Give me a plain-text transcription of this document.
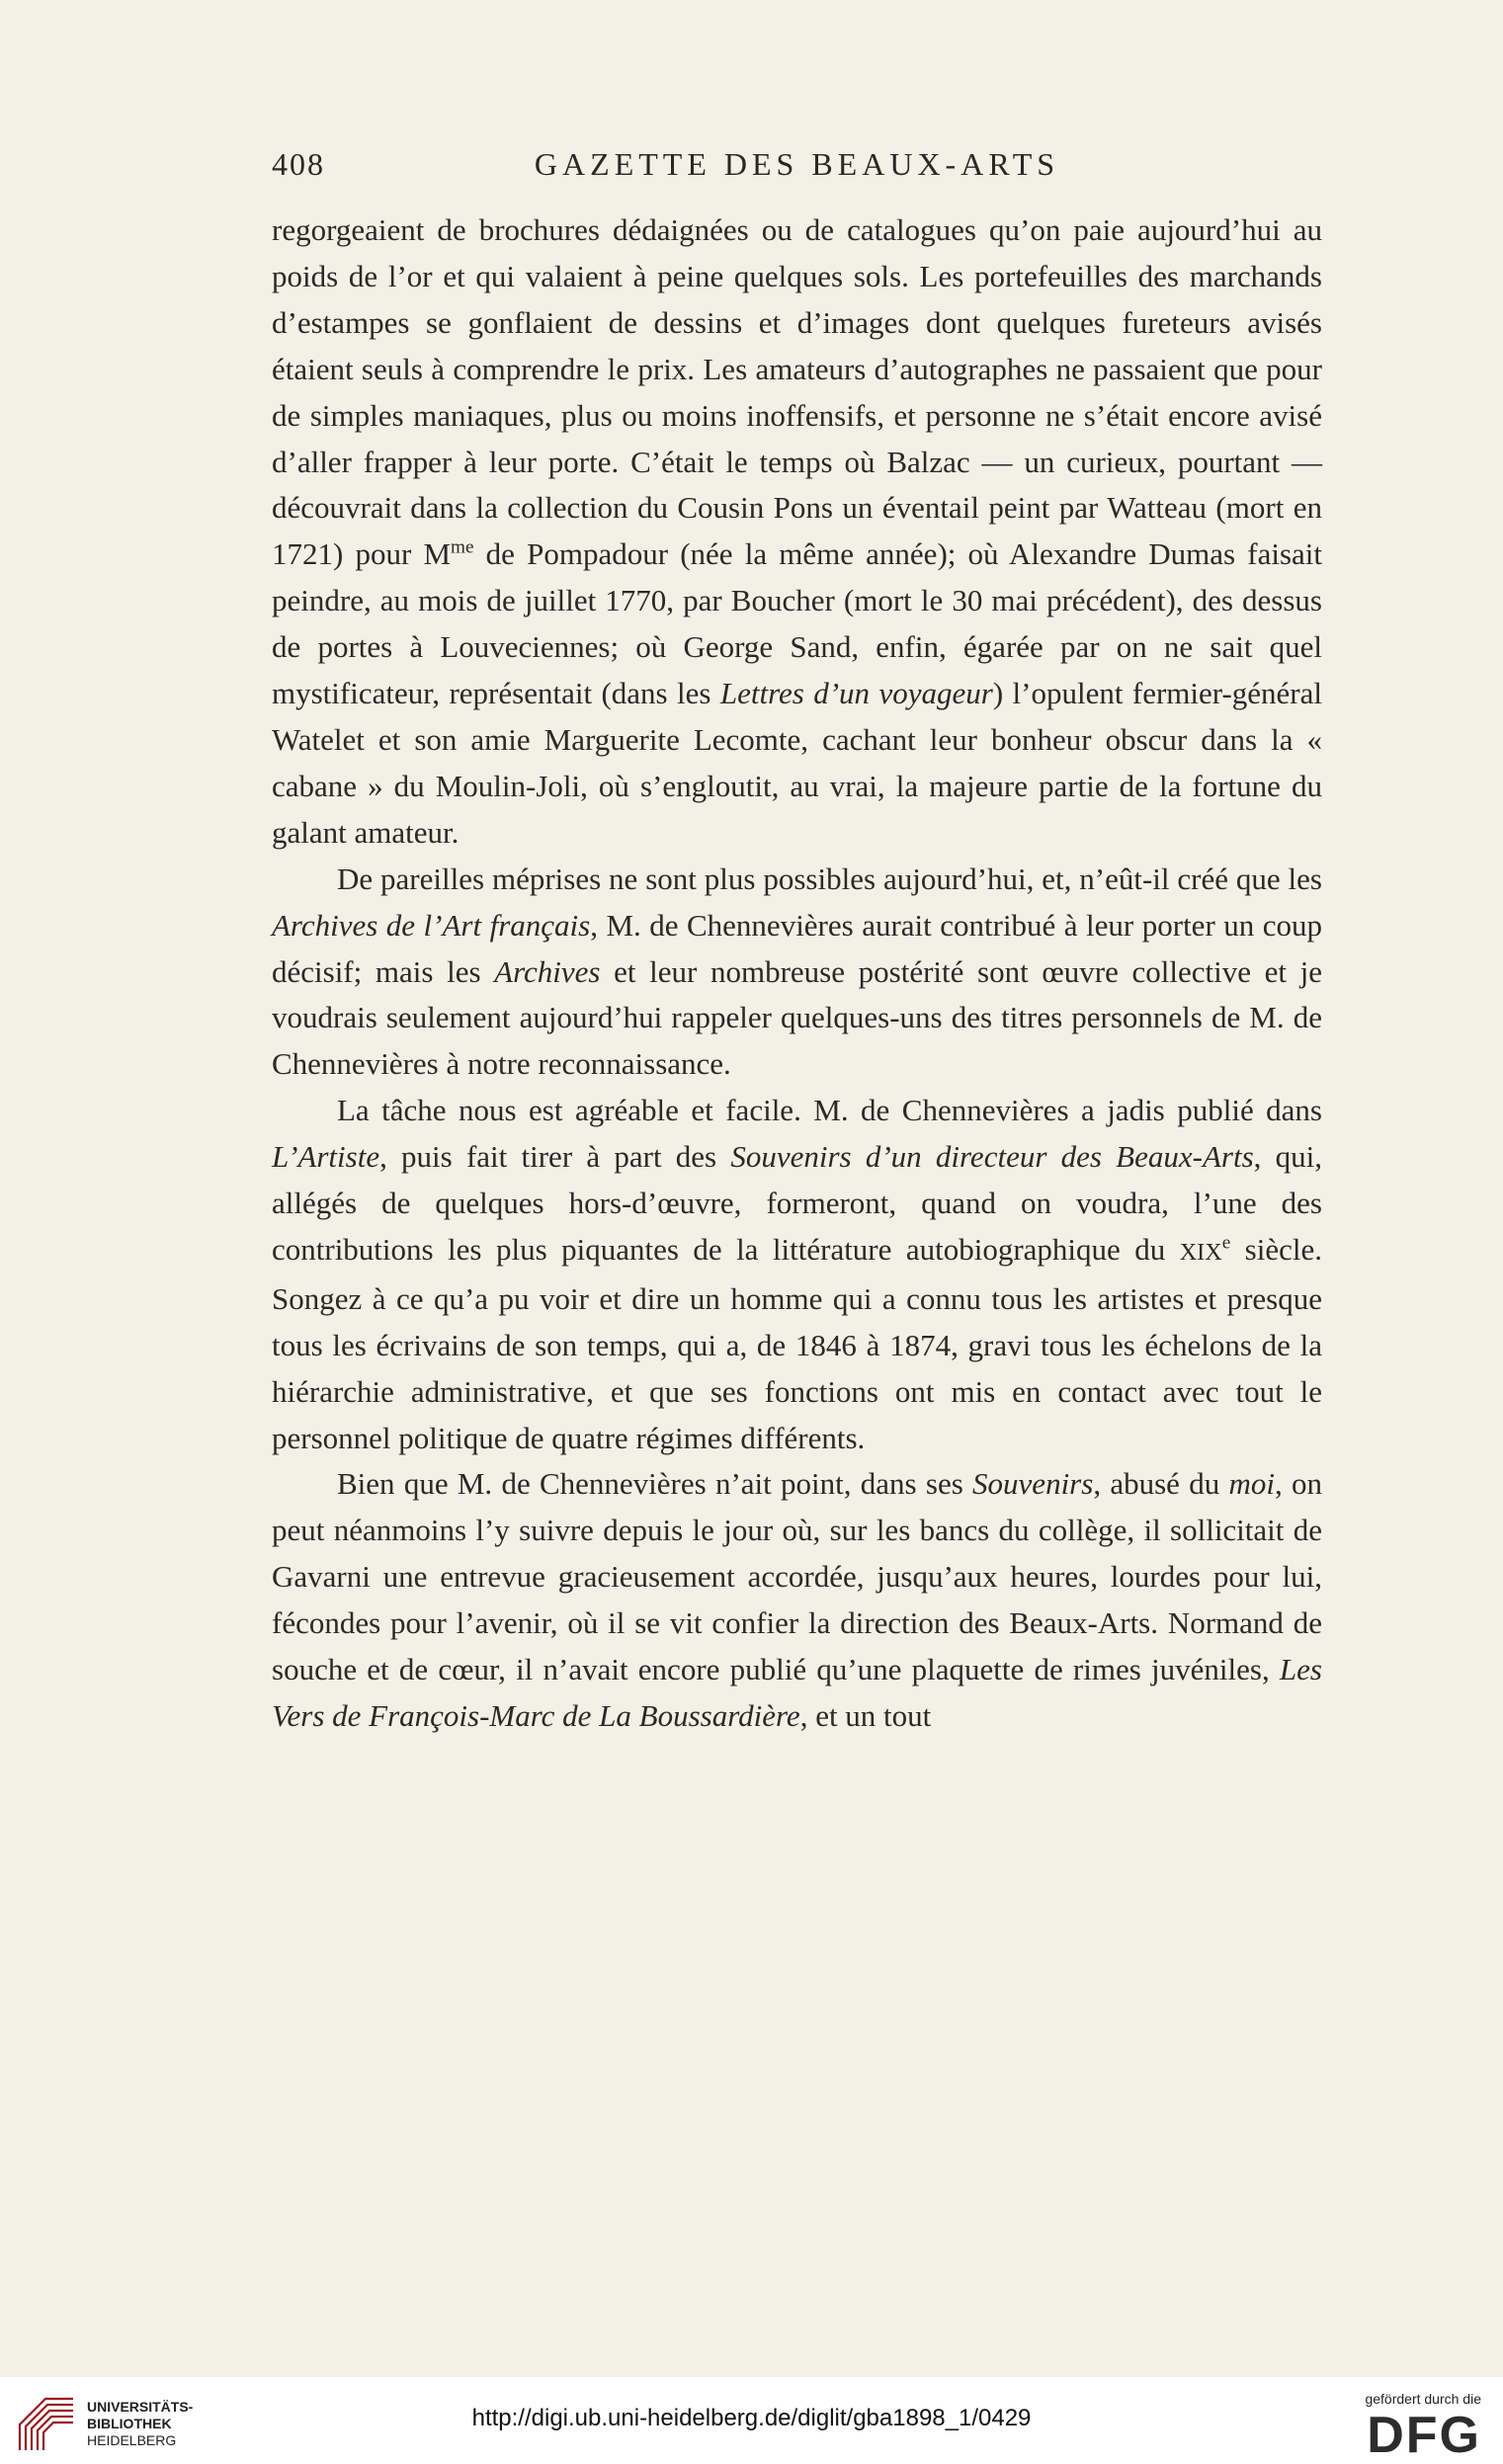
408	GAZETTE DES BEAUX-ARTS

regorgeaient de brochures dédaignées ou de catalogues qu’on paie aujourd’hui au poids de l’or et qui valaient à peine quelques sols. Les portefeuilles des marchands d’estampes se gonflaient de dessins et d’images dont quelques fureteurs avisés étaient seuls à comprendre le prix. Les amateurs d’autographes ne passaient que pour de simples maniaques, plus ou moins inoffensifs, et personne ne s’était encore avisé d’aller frapper à leur porte. C’était le temps où Balzac — un curieux, pourtant — découvrait dans la collection du Cousin Pons un éventail peint par Watteau (mort en 1721) pour $M^{me}$ de Pompadour (née la même année); où Alexandre Dumas faisait peindre, au mois de juillet 1770, par Boucher (mort le 30 mai précédent), des dessus de portes à Louveciennes; où George Sand, enfin, égarée par on ne sait quel mystificateur, représentait (dans les Lettres d’un voyageur) l’opulent fermier-général Watelet et son amie Marguerite Lecomte, cachant leur bonheur obscur dans la « cabane » du Moulin-Joli, où s’engloutit, au vrai, la majeure partie de la fortune du galant amateur.

De pareilles méprises ne sont plus possibles aujourd’hui, et, n’eût-il créé que les Archives de l’Art français, M. de Chennevières aurait contribué à leur porter un coup décisif; mais les Archives et leur nombreuse postérité sont œuvre collective et je voudrais seulement aujourd’hui rappeler quelques-uns des titres personnels de M. de Chennevières à notre reconnaissance.

La tâche nous est agréable et facile. M. de Chennevières a jadis publié dans L’Artiste, puis fait tirer à part des Souvenirs d’un directeur des Beaux-Arts, qui, allégés de quelques hors-d’œuvre, formeront, quand on voudra, l’une des contributions les plus piquantes de la littérature autobiographique du XIXe siècle. Songez à ce qu’a pu voir et dire un homme qui a connu tous les artistes et presque tous les écrivains de son temps, qui a, de 1846 à 1874, gravi tous les échelons de la hiérarchie administrative, et que ses fonctions ont mis en contact avec tout le personnel politique de quatre régimes différents.

Bien que M. de Chennevières n’ait point, dans ses Souvenirs, abusé du moi, on peut néanmoins l’y suivre depuis le jour où, sur les bancs du collège, il sollicitait de Gavarni une entrevue gracieusement accordée, jusqu’aux heures, lourdes pour lui, fécondes pour l’avenir, où il se vit confier la direction des Beaux-Arts. Normand de souche et de cœur, il n’avait encore publié qu’une plaquette de rimes juvéniles, Les Vers de François-Marc de La Boussardière, et un tout

UNIVERSITÄTS-
BIBLIOTHEK
HEIDELBERG
http://digi.ub.uni-heidelberg.de/diglit/gba1898_1/0429
gefördert durch die
DFG
